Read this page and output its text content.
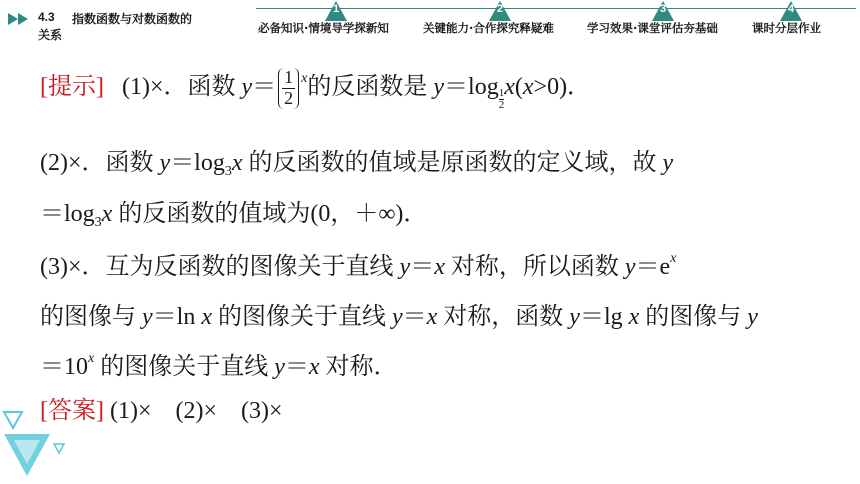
4.3 指数函数与对数函数的
关系
1
必备知识·情境导学探新知
2
关键能力·合作探究释疑难
3
学习效果·课堂评估夯基础
4
课时分层作业
[提示] (1)×．函数 $y= \frac{1}{2} ^x$的反函数是 $y=\log \frac{1}{2} x(x>0)$．
(2)×．函数 $y=\log_3x$ 的反函数的值域是原函数的定义域，故 y
$=\log_3x$ 的反函数的值域为(0，＋∞)．
(3)×．互为反函数的图像关于直线 y＝x 对称，所以函数 $y=e^x$
的图像与 y＝ln x 的图像关于直线 y＝x 对称，函数 y＝lg x 的图像与 y
$=10^x$ 的图像关于直线 y＝x 对称．
[答案] (1)×　(2)×　(3)×
